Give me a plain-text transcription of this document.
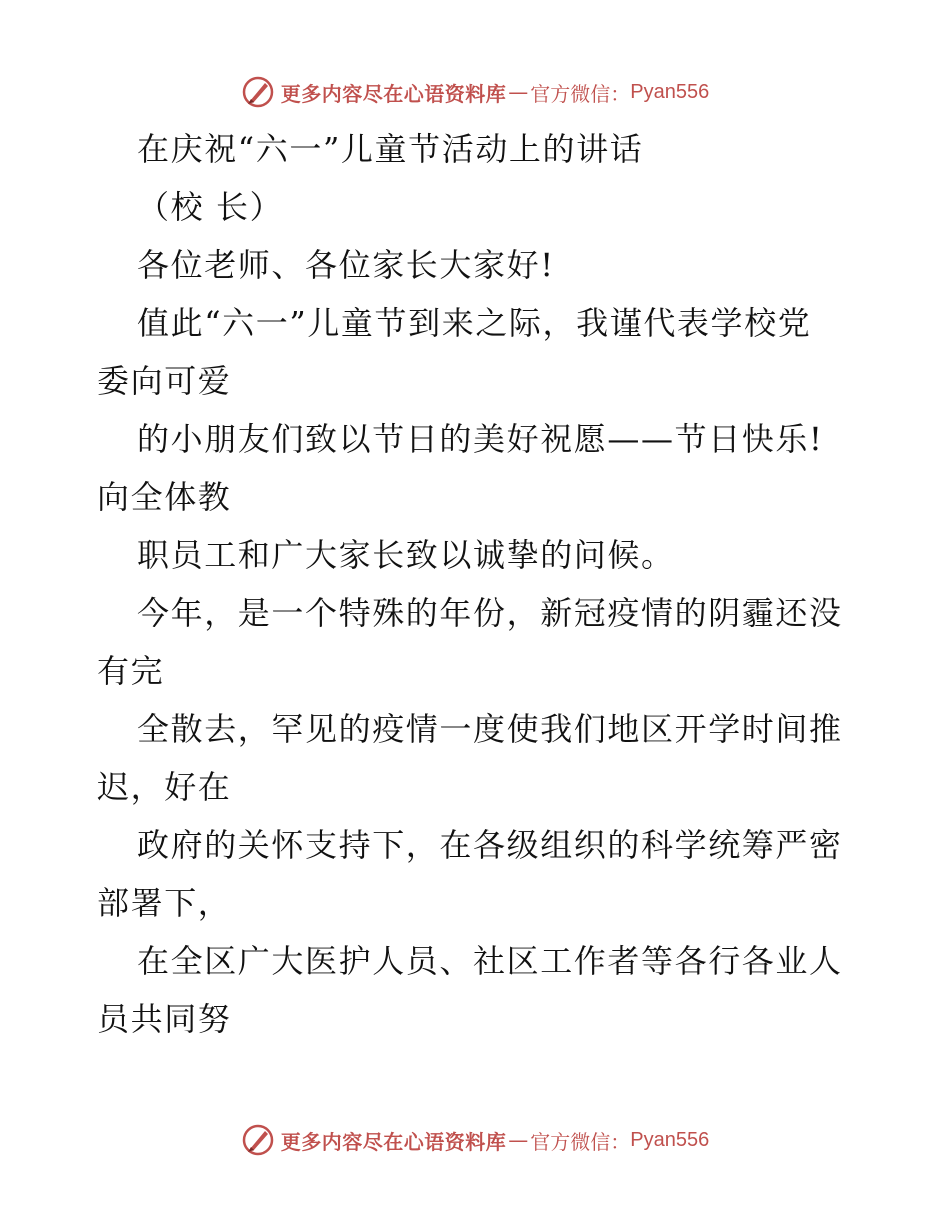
更多内容尽在心语资料库 — 官方微信： Pyan556
在庆祝“六一”儿童节活动上的讲话
（校 长）
各位老师、各位家长大家好!
值此“六一”儿童节到来之际，我谨代表学校党
委向可爱
的小朋友们致以节日的美好祝愿——节日快乐!
向全体教
职员工和广大家长致以诚挚的问候。
今年，是一个特殊的年份，新冠疫情的阴霾还没
有完
全散去，罕见的疫情一度使我们地区开学时间推
迟，好在
政府的关怀支持下，在各级组织的科学统筹严密
部署下，
在全区广大医护人员、社区工作者等各行各业人
员共同努
更多内容尽在心语资料库 — 官方微信： Pyan556
